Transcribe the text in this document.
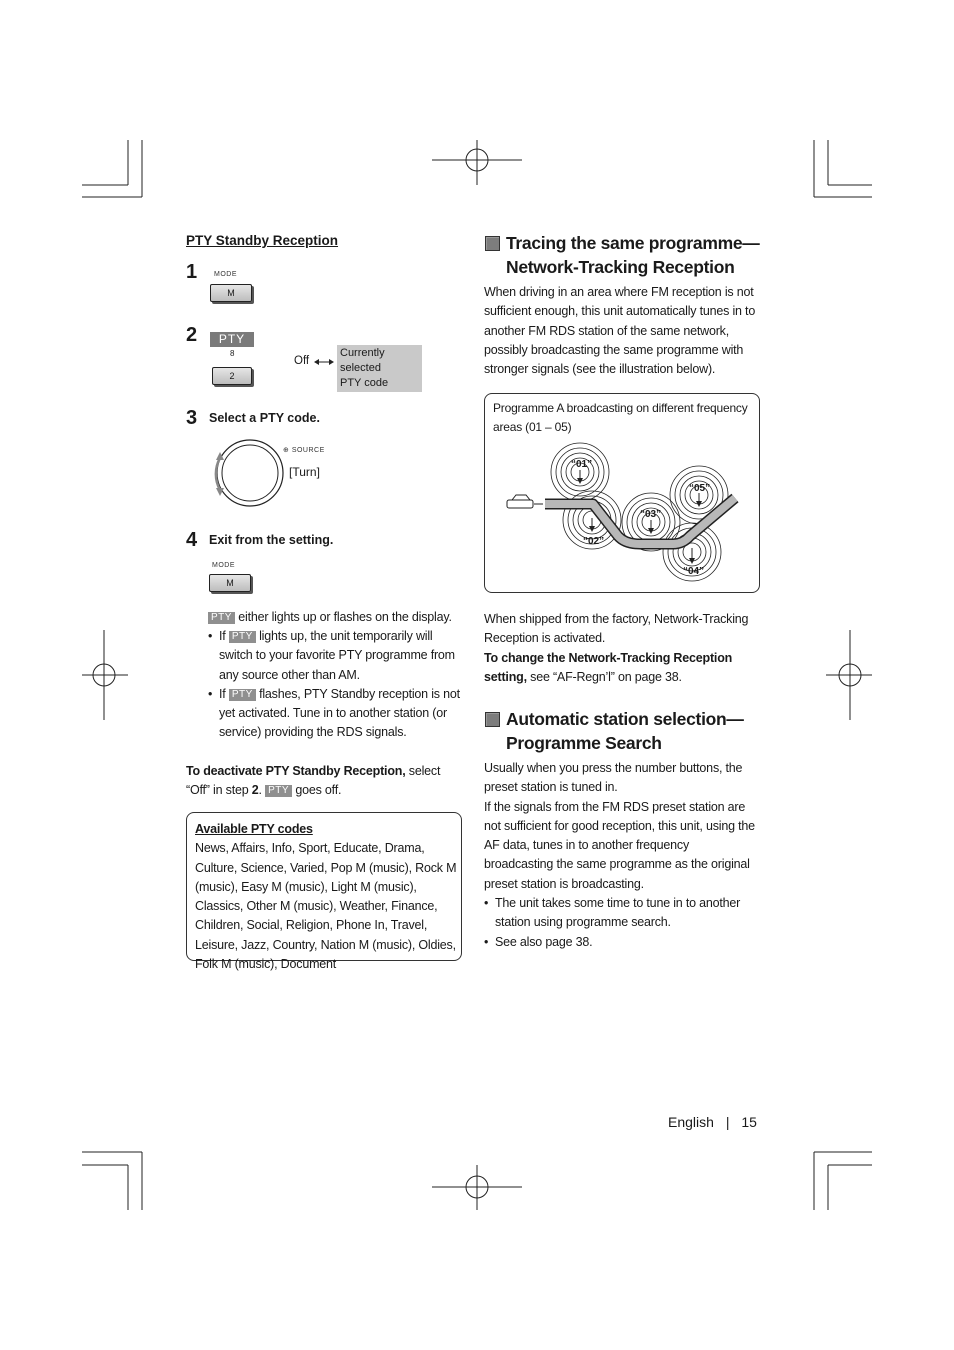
PTY Standby Reception
1 MODE
M
2	PTY
8
2
Off
Currently selected
PTY code
3 Select a PTY code.
⊕ SOURCE
[Turn]
4 Exit from the setting.
MODE
M
PTY either lights up or flashes on the display.
• If PTY lights up, the unit temporarily will switch to your favorite PTY programme from any source other than AM.
• If PTY flashes, PTY Standby reception is not yet activated. Tune in to another station (or service) providing the RDS signals.
To deactivate PTY Standby Reception, select “Off” in step 2. PTY goes off.
Available PTY codes
News, Affairs, Info, Sport, Educate, Drama, Culture, Science, Varied, Pop M (music), Rock M (music), Easy M (music), Light M (music), Classics, Other M (music), Weather, Finance, Children, Social, Religion, Phone In, Travel, Leisure, Jazz, Country, Nation M (music), Oldies, Folk M (music), Document
Tracing the same programme—
Network-Tracking Reception
When driving in an area where FM reception is not sufficient enough, this unit automatically tunes in to another FM RDS station of the same network, possibly broadcasting the same programme with stronger signals (see the illustration below).
Programme A broadcasting on different frequency areas (01 – 05)
“01”
“02”
“03”
“04”
“05”
When shipped from the factory, Network-Tracking Reception is activated.
To change the Network-Tracking Reception setting, see “AF-Regn’l” on page 38.
Automatic station selection—
Programme Search
Usually when you press the number buttons, the preset station is tuned in.
If the signals from the FM RDS preset station are not sufficient for good reception, this unit, using the AF data, tunes in to another frequency broadcasting the same programme as the original preset station is broadcasting.
• The unit takes some time to tune in to another station using programme search.
• See also page 38.
English | 15
